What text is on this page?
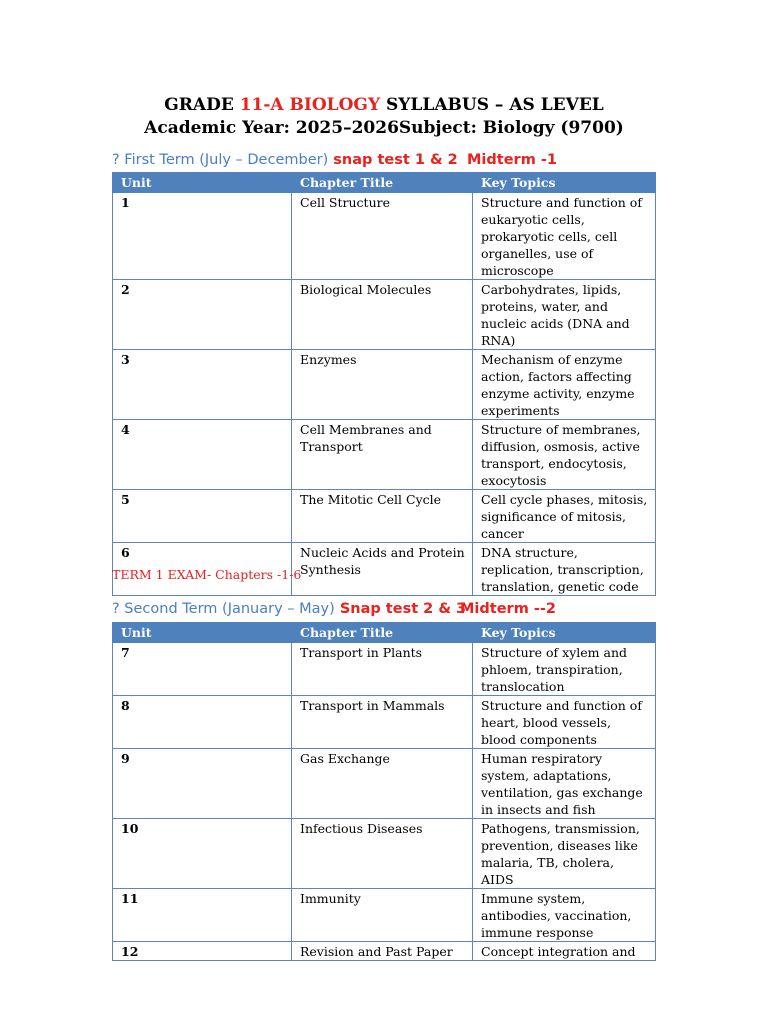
GRADE 11-A BIOLOGY SYLLABUS – AS LEVEL
Academic Year: 2025–2026Subject: Biology (9700)
? First Term (July – December) snap test 1 & 2 Midterm -1
Unit	Chapter Title	Key Topics
1	Cell Structure	Structure and function of eukaryotic cells, prokaryotic cells, cell organelles, use of microscope
2	Biological Molecules	Carbohydrates, lipids, proteins, water, and nucleic acids (DNA and RNA)
3	Enzymes	Mechanism of enzyme action, factors affecting enzyme activity, enzyme experiments
4	Cell Membranes and Transport	Structure of membranes, diffusion, osmosis, active transport, endocytosis, exocytosis
5	The Mitotic Cell Cycle	Cell cycle phases, mitosis, significance of mitosis, cancer
6	Nucleic Acids and Protein Synthesis	DNA structure, replication, transcription, translation, genetic code
TERM 1 EXAM- Chapters -1-6
? Second Term (January – May) Snap test 2 & 3
Midterm --2
Unit	Chapter Title	Key Topics
7	Transport in Plants	Structure of xylem and phloem, transpiration, translocation
8	Transport in Mammals	Structure and function of heart, blood vessels, blood components
9	Gas Exchange	Human respiratory system, adaptations, ventilation, gas exchange in insects and fish
10	Infectious Diseases	Pathogens, transmission, prevention, diseases like malaria, TB, cholera, AIDS
11	Immunity	Immune system, antibodies, vaccination, immune response
12	Revision and Past Paper	Concept integration and
